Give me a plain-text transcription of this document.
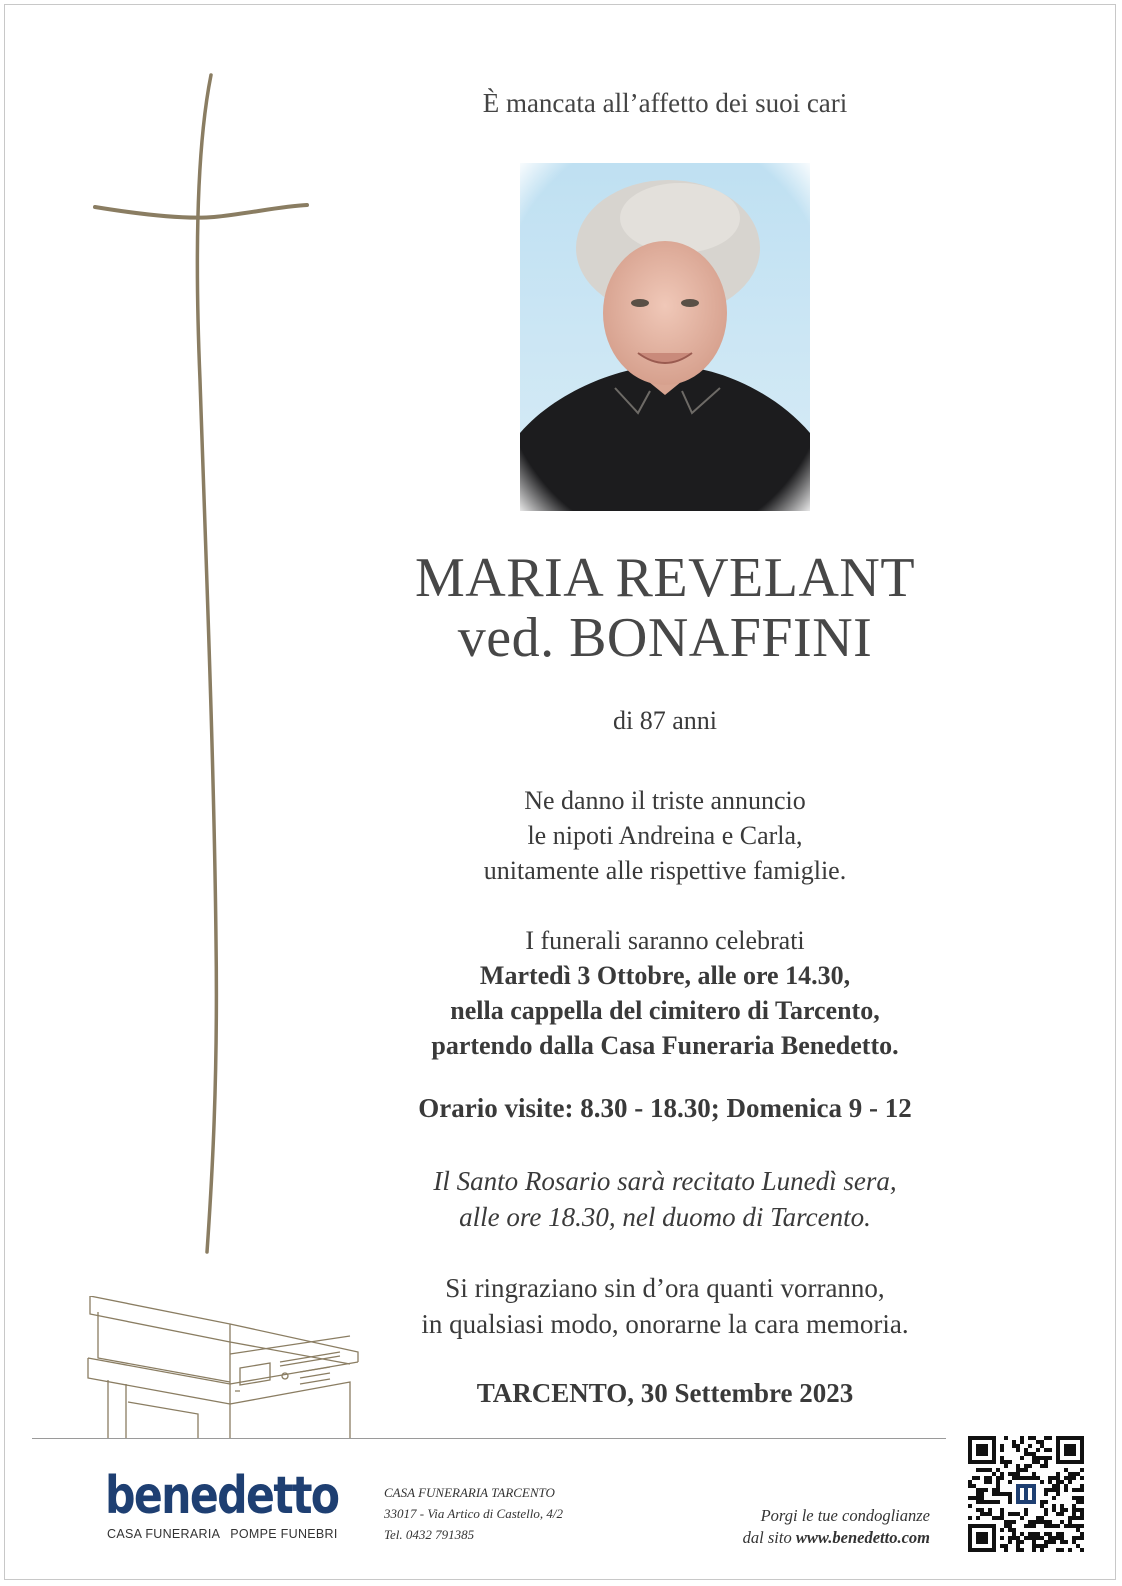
È mancata all’affetto dei suoi cari
MARIA REVELANT
ved. BONAFFINI
di 87 anni
Ne danno il triste annuncio
le nipoti Andreina e Carla,
unitamente alle rispettive famiglie.
I funerali saranno celebrati
Martedì 3 Ottobre, alle ore 14.30,
nella cappella del cimitero di Tarcento,
partendo dalla Casa Funeraria Benedetto.
Orario visite: 8.30 - 18.30; Domenica 9 - 12
Il Santo Rosario sarà recitato Lunedì sera,
alle ore 18.30, nel duomo di Tarcento.
Si ringraziano sin d’ora quanti vorranno,
in qualsiasi modo, onorarne la cara memoria.
TARCENTO, 30 Settembre 2023
benedetto
CASA FUNERARIA POMPE FUNEBRI
CASA FUNERARIA TARCENTO
33017 - Via Artico di Castello, 4/2
Tel. 0432 791385
Porgi le tue condoglianze
dal sito www.benedetto.com
